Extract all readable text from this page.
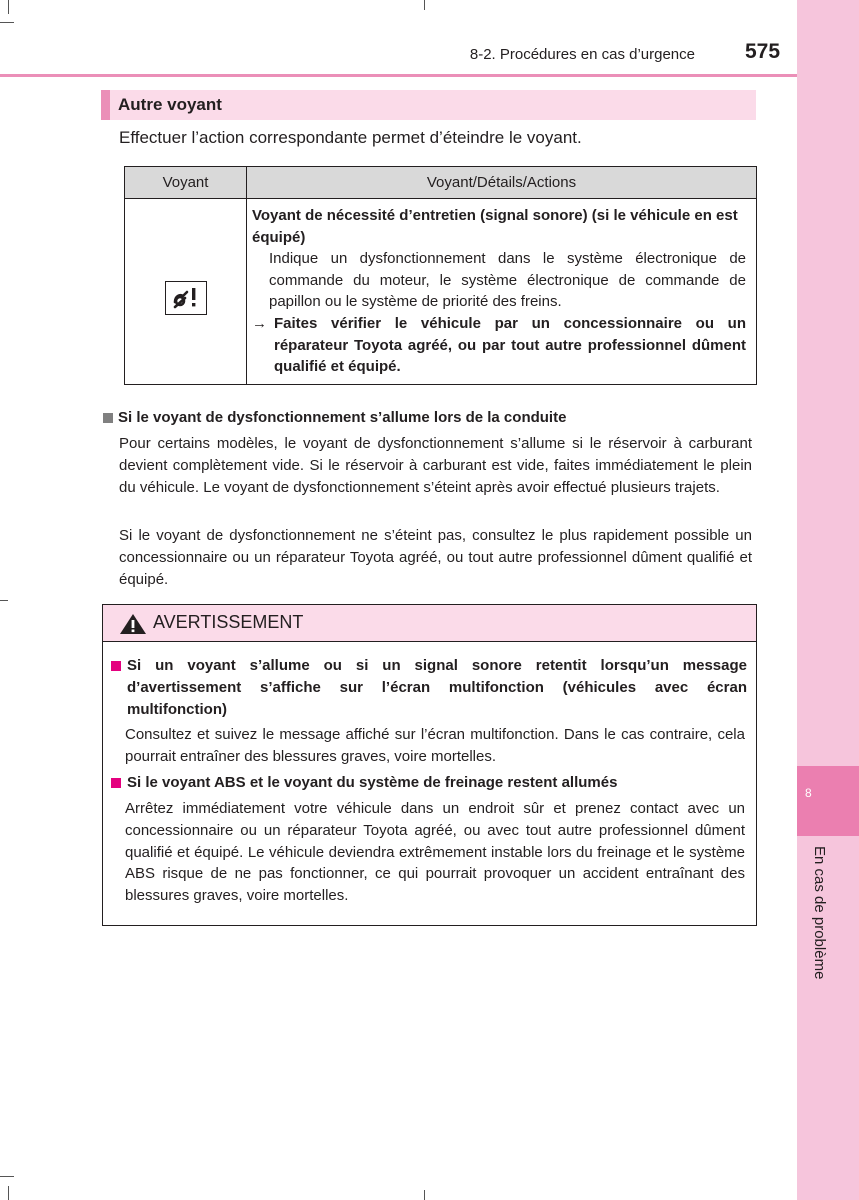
8
En cas de problème
8-2. Procédures en cas d’urgence 575
Autre voyant
Effectuer l’action correspondante permet d’éteindre le voyant.
Voyant	Voyant/Détails/Actions

Voyant de nécessité d’entretien (signal sonore) (si le véhicule en est équipé)
Indique un dysfonctionnement dans le système électronique de commande du moteur, le système électronique de commande de papillon ou le système de priorité des freins.
→ Faites vérifier le véhicule par un concessionnaire ou un réparateur Toyota agréé, ou par tout autre professionnel dûment qualifié et équipé.
Si le voyant de dysfonctionnement s’allume lors de la conduite
Pour certains modèles, le voyant de dysfonctionnement s’allume si le réservoir à carburant devient complètement vide. Si le réservoir à carburant est vide, faites immédiatement le plein du véhicule. Le voyant de dysfonctionnement s’éteint après avoir effectué plusieurs trajets.
Si le voyant de dysfonctionnement ne s’éteint pas, consultez le plus rapidement possible un concessionnaire ou un réparateur Toyota agréé, ou tout autre professionnel dûment qualifié et équipé.
AVERTISSEMENT
Si un voyant s’allume ou si un signal sonore retentit lorsqu’un message d’avertissement s’affiche sur l’écran multifonction (véhicules avec écran multifonction)
Consultez et suivez le message affiché sur l’écran multifonction. Dans le cas contraire, cela pourrait entraîner des blessures graves, voire mortelles.
Si le voyant ABS et le voyant du système de freinage restent allumés
Arrêtez immédiatement votre véhicule dans un endroit sûr et prenez contact avec un concessionnaire ou un réparateur Toyota agréé, ou avec tout autre professionnel dûment qualifié et équipé. Le véhicule deviendra extrêmement instable lors du freinage et le système ABS risque de ne pas fonctionner, ce qui pourrait provoquer un accident entraînant des blessures graves, voire mortelles.
